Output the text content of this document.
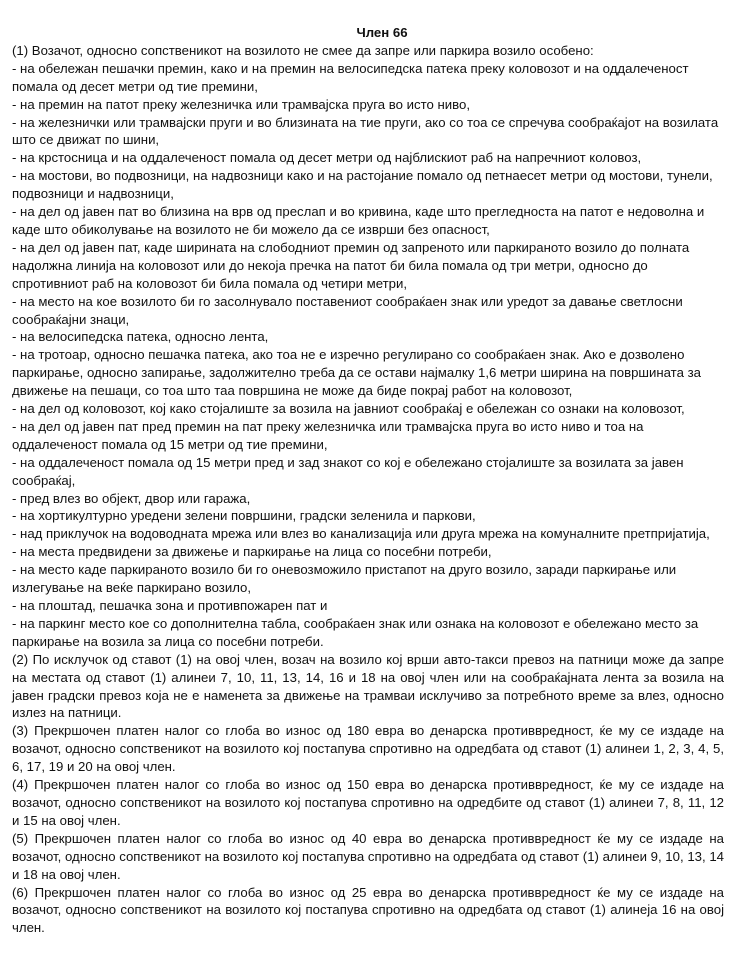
Член 66

(1) Возачот, односно сопственикот на возилото не смее да запре или паркира возило особено:

- на обележан пешачки премин, како и на премин на велосипедска патека преку коловозот и на оддалеченост помала од десет метри од тие премини,

- на премин на патот преку железничка или трамвајска пруга во исто ниво,

- на железнички или трамвајски пруги и во близината на тие пруги, ако со тоа се спречува сообраќајот на возилата што се движат по шини,

- на крстосница и на оддалеченост помала од десет метри од најблискиот раб на напречниот коловоз,

- на мостови, во подвозници, на надвозници како и на растојание помало од петнаесет метри од мостови, тунели, подвозници и надвозници,

- на дел од јавен пат во близина на врв од преслап и во кривина, каде што прегледноста на патот е недоволна и каде што обиколување на возилото не би можело да се изврши без опасност,

- на дел од јавен пат, каде ширината на слободниот премин од запреното или паркираното возило до полната надолжна линија на коловозот или до некоја пречка на патот би била помала од три метри, односно до спротивниот раб на коловозот би била помала од четири метри,

- на место на кое возилото би го засолнувало поставениот сообраќаен знак или уредот за давање светлосни сообраќајни знаци,

- на велосипедска патека, односно лента,

- на тротоар, односно пешачка патека, ако тоа не е изречно регулирано со сообраќаен знак. Ако е дозволено паркирање, односно запирање, задолжително треба да се остави најмалку 1,6 метри ширина на површината за движење на пешаци, со тоа што таа површина не може да биде покрај работ на коловозот,

- на дел од коловозот, кој како стојалиште за возила на јавниот сообраќај е обележан со ознаки на коловозот,

- на дел од јавен пат пред премин на пат преку железничка или трамвајска пруга во исто ниво и тоа на оддалеченост помала од 15 метри од тие премини,

- на оддалеченост помала од 15 метри пред и зад знакот со кој е обележано стојалиште за возилата за јавен сообраќај,

- пред влез во објект, двор или гаража,

- на хортикултурно уредени зелени површини, градски зеленила и паркови,

- над приклучок на водоводната мрежа или влез во канализација или друга мрежа на комуналните претпријатија,

- на места предвидени за движење и паркирање на лица со посебни потреби,

- на место каде паркираното возило би го оневозможило пристапот на друго возило, заради паркирање или излегување на веќе паркирано возило,

- на плоштад, пешачка зона и противпожарен пат и

- на паркинг место кое со дополнителна табла, сообраќаен знак или ознака на коловозот е обележано место за паркирање на возила за лица со посебни потреби.

(2) По исклучок од ставот (1) на овој член, возач на возило кој врши авто-такси превоз на патници може да запре на местата од ставот (1) алинеи 7, 10, 11, 13, 14, 16 и 18 на овој член или на сообраќајната лента за возила на јавен градски превоз која не е наменета за движење на трамваи исклучиво за потребното време за влез, односно излез на патници.

(3) Прекршочен платен налог со глоба во износ од 180 евра во денарска противвредност, ќе му се издаде на возачот, односно сопственикот на возилото кој постапува спротивно на одредбата од ставот (1) алинеи 1, 2, 3, 4, 5, 6, 17, 19 и 20 на овој член.

(4) Прекршочен платен налог со глоба во износ од 150 евра во денарска противвредност, ќе му се издаде на возачот, односно сопственикот на возилото кој постапува спротивно на одредбите од ставот (1) алинеи 7, 8, 11, 12 и 15 на овој член.

(5) Прекршочен платен налог со глоба во износ од 40 евра во денарска противвредност ќе му се издаде на возачот, односно сопственикот на возилото кој постапува спротивно на одредбата од ставот (1) алинеи 9, 10, 13, 14 и 18 на овој член.

(6) Прекршочен платен налог со глоба во износ од 25 евра во денарска противвредност ќе му се издаде на возачот, односно сопственикот на возилото кој постапува спротивно на одредбата од ставот (1) алинеја 16 на овој член.
